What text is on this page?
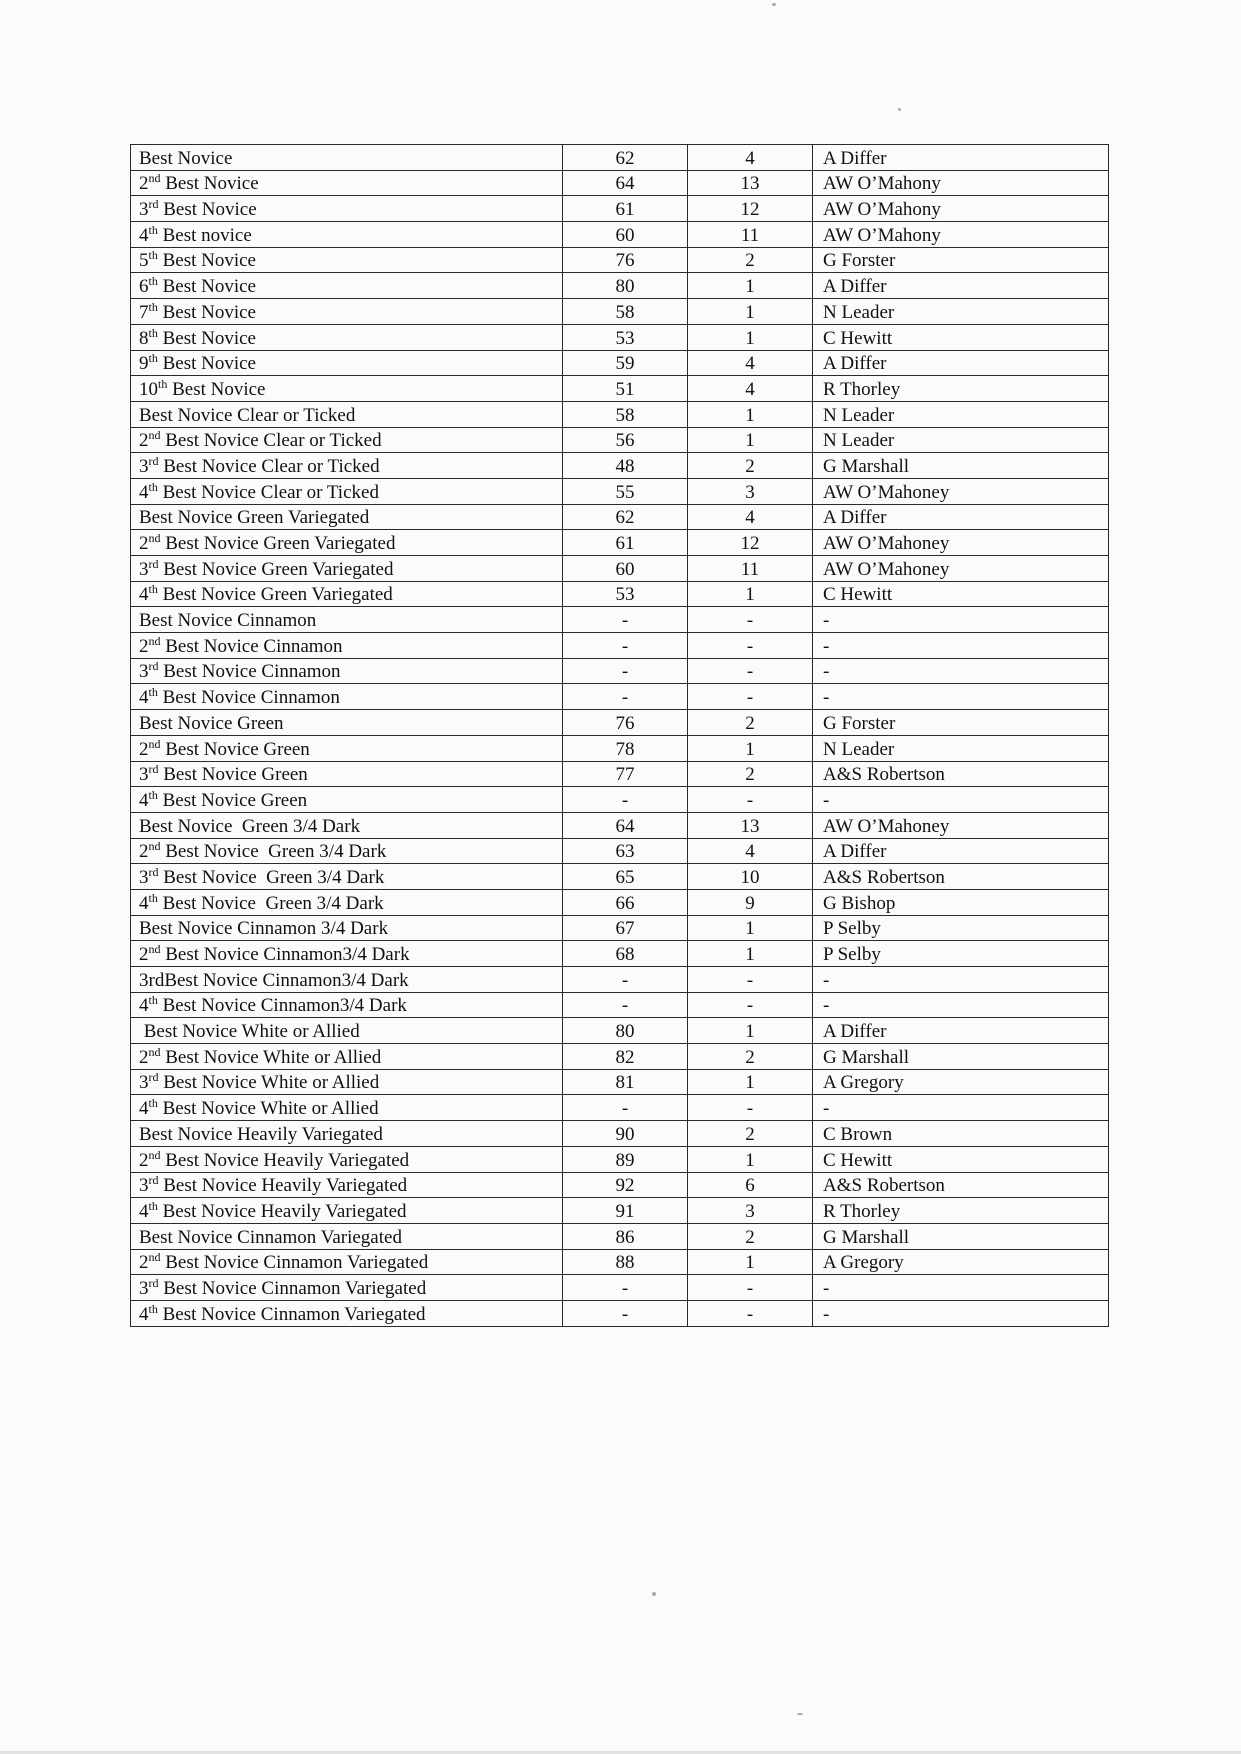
Best Novice	62	4	A Differ
2nd Best Novice	64	13	AW O’Mahony
3rd Best Novice	61	12	AW O’Mahony
4th Best novice	60	11	AW O’Mahony
5th Best Novice	76	2	G Forster
6th Best Novice	80	1	A Differ
7th Best Novice	58	1	N Leader
8th Best Novice	53	1	C Hewitt
9th Best Novice	59	4	A Differ
10th Best Novice	51	4	R Thorley
Best Novice Clear or Ticked	58	1	N Leader
2nd Best Novice Clear or Ticked	56	1	N Leader
3rd Best Novice Clear or Ticked	48	2	G Marshall
4th Best Novice Clear or Ticked	55	3	AW O’Mahoney
Best Novice Green Variegated	62	4	A Differ
2nd Best Novice Green Variegated	61	12	AW O’Mahoney
3rd Best Novice Green Variegated	60	11	AW O’Mahoney
4th Best Novice Green Variegated	53	1	C Hewitt
Best Novice Cinnamon	-	-	-
2nd Best Novice Cinnamon	-	-	-
3rd Best Novice Cinnamon	-	-	-
4th Best Novice Cinnamon	-	-	-
Best Novice Green	76	2	G Forster
2nd Best Novice Green	78	1	N Leader
3rd Best Novice Green	77	2	A&S Robertson
4th Best Novice Green	-	-	-
Best Novice  Green 3/4 Dark	64	13	AW O’Mahoney
2nd Best Novice  Green 3/4 Dark	63	4	A Differ
3rd Best Novice  Green 3/4 Dark	65	10	A&S Robertson
4th Best Novice  Green 3/4 Dark	66	9	G Bishop
Best Novice Cinnamon 3/4 Dark	67	1	P Selby
2nd Best Novice Cinnamon3/4 Dark	68	1	P Selby
3rdBest Novice Cinnamon3/4 Dark	-	-	-
4th Best Novice Cinnamon3/4 Dark	-	-	-
Best Novice White or Allied	80	1	A Differ
2nd Best Novice White or Allied	82	2	G Marshall
3rd Best Novice White or Allied	81	1	A Gregory
4th Best Novice White or Allied	-	-	-
Best Novice Heavily Variegated	90	2	C Brown
2nd Best Novice Heavily Variegated	89	1	C Hewitt
3rd Best Novice Heavily Variegated	92	6	A&S Robertson
4th Best Novice Heavily Variegated	91	3	R Thorley
Best Novice Cinnamon Variegated	86	2	G Marshall
2nd Best Novice Cinnamon Variegated	88	1	A Gregory
3rd Best Novice Cinnamon Variegated	-	-	-
4th Best Novice Cinnamon Variegated	-	-	-
